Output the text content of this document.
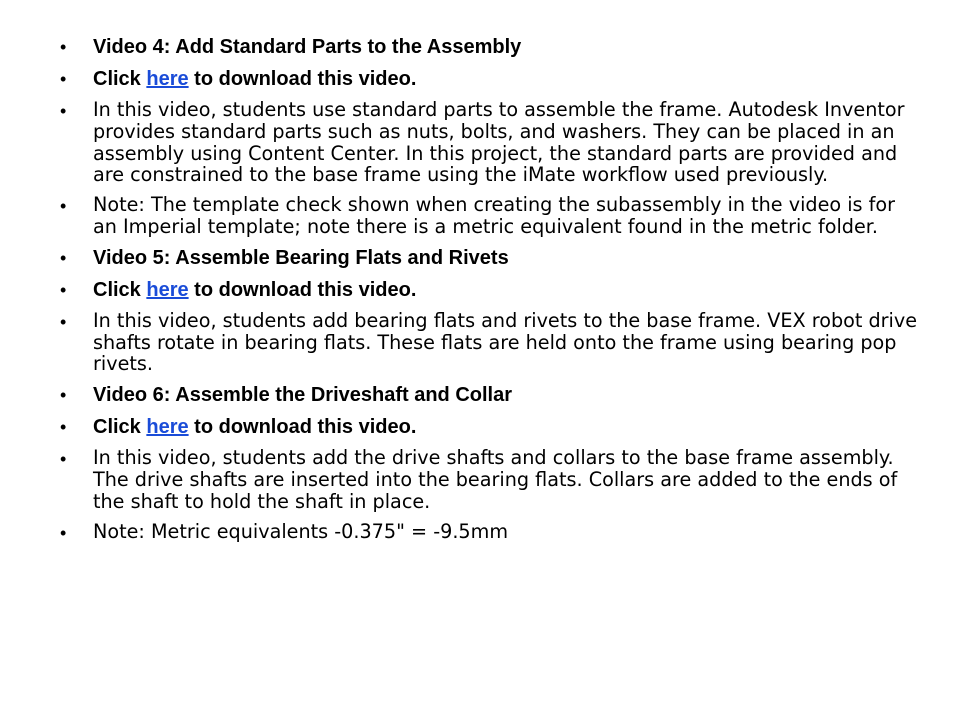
• Video 4: Add Standard Parts to the Assembly
• Click here to download this video.
• In this video, students use standard parts to assemble the frame. Autodesk Inventor provides standard parts such as nuts, bolts, and washers. They can be placed in an assembly using Content Center. In this project, the standard parts are provided and are constrained to the base frame using the iMate workflow used previously.
• Note: The template check shown when creating the subassembly in the video is for an Imperial template; note there is a metric equivalent found in the metric folder.
• Video 5: Assemble Bearing Flats and Rivets
• Click here to download this video.
• In this video, students add bearing flats and rivets to the base frame. VEX robot drive shafts rotate in bearing flats. These flats are held onto the frame using bearing pop rivets.
• Video 6: Assemble the Driveshaft and Collar
• Click here to download this video.
• In this video, students add the drive shafts and collars to the base frame assembly. The drive shafts are inserted into the bearing flats. Collars are added to the ends of the shaft to hold the shaft in place.
• Note: Metric equivalents -0.375" = -9.5mm
